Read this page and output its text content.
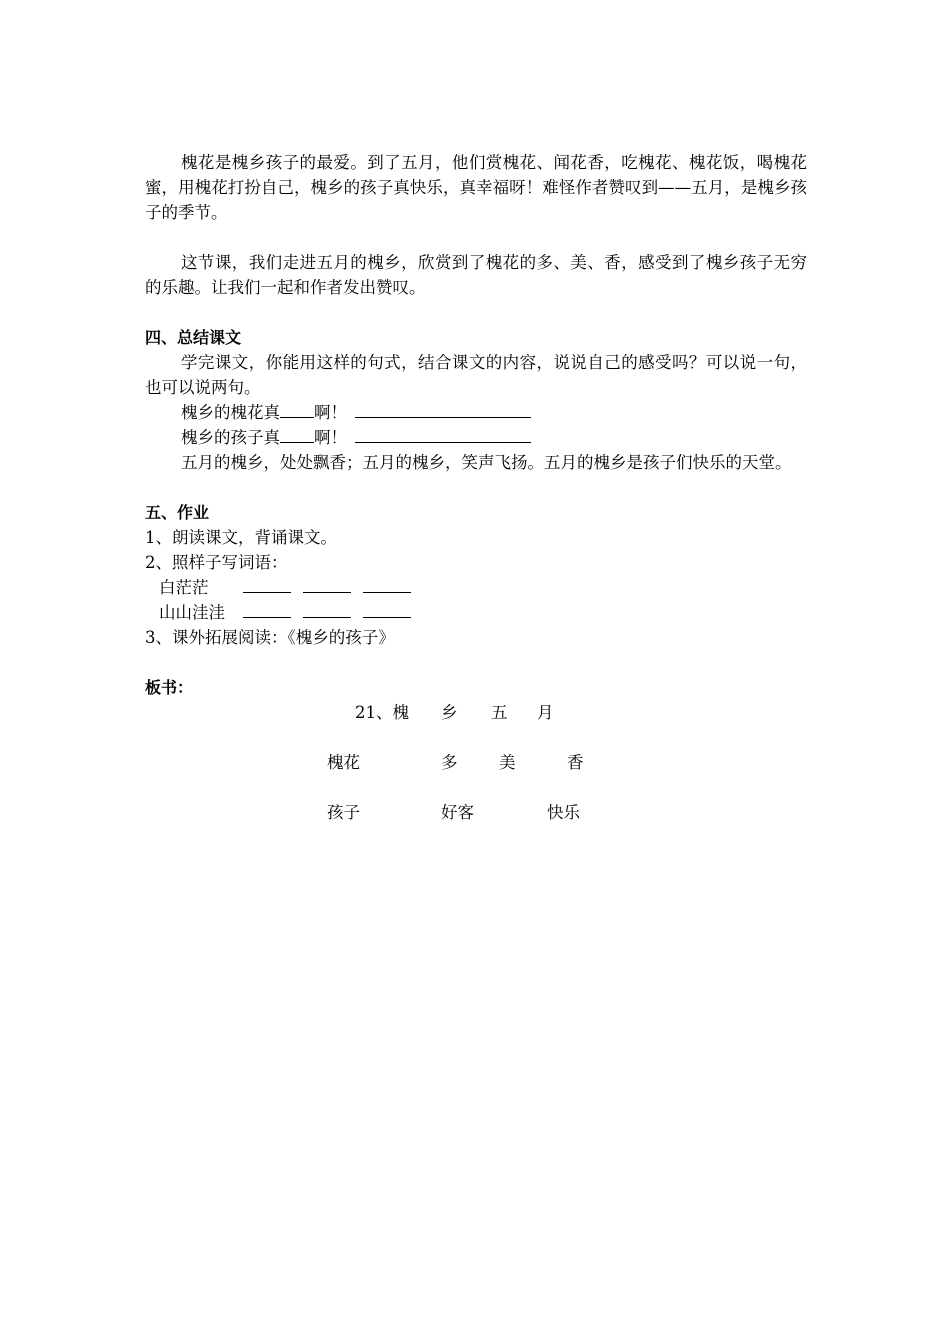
槐花是槐乡孩子的最爱。到了五月，他们赏槐花、闻花香，吃槐花、槐花饭，喝槐花蜜，用槐花打扮自己，槐乡的孩子真快乐，真幸福呀！难怪作者赞叹到——五月，是槐乡孩子的季节。

这节课，我们走进五月的槐乡，欣赏到了槐花的多、美、香，感受到了槐乡孩子无穷的乐趣。让我们一起和作者发出赞叹。

四、总结课文

学完课文，你能用这样的句式，结合课文的内容，说说自己的感受吗？可以说一句，也可以说两句。

槐乡的槐花真 啊！

槐乡的孩子真 啊！

五月的槐乡，处处飘香；五月的槐乡，笑声飞扬。五月的槐乡是孩子们快乐的天堂。

五、作业

1、朗读课文，背诵课文。

2、照样子写词语：

白茫茫

山山洼洼

3、课外拓展阅读：《槐乡的孩子》

板书：

21、槐 乡 五 月
槐花	多	美	香
孩子	好客	快乐
